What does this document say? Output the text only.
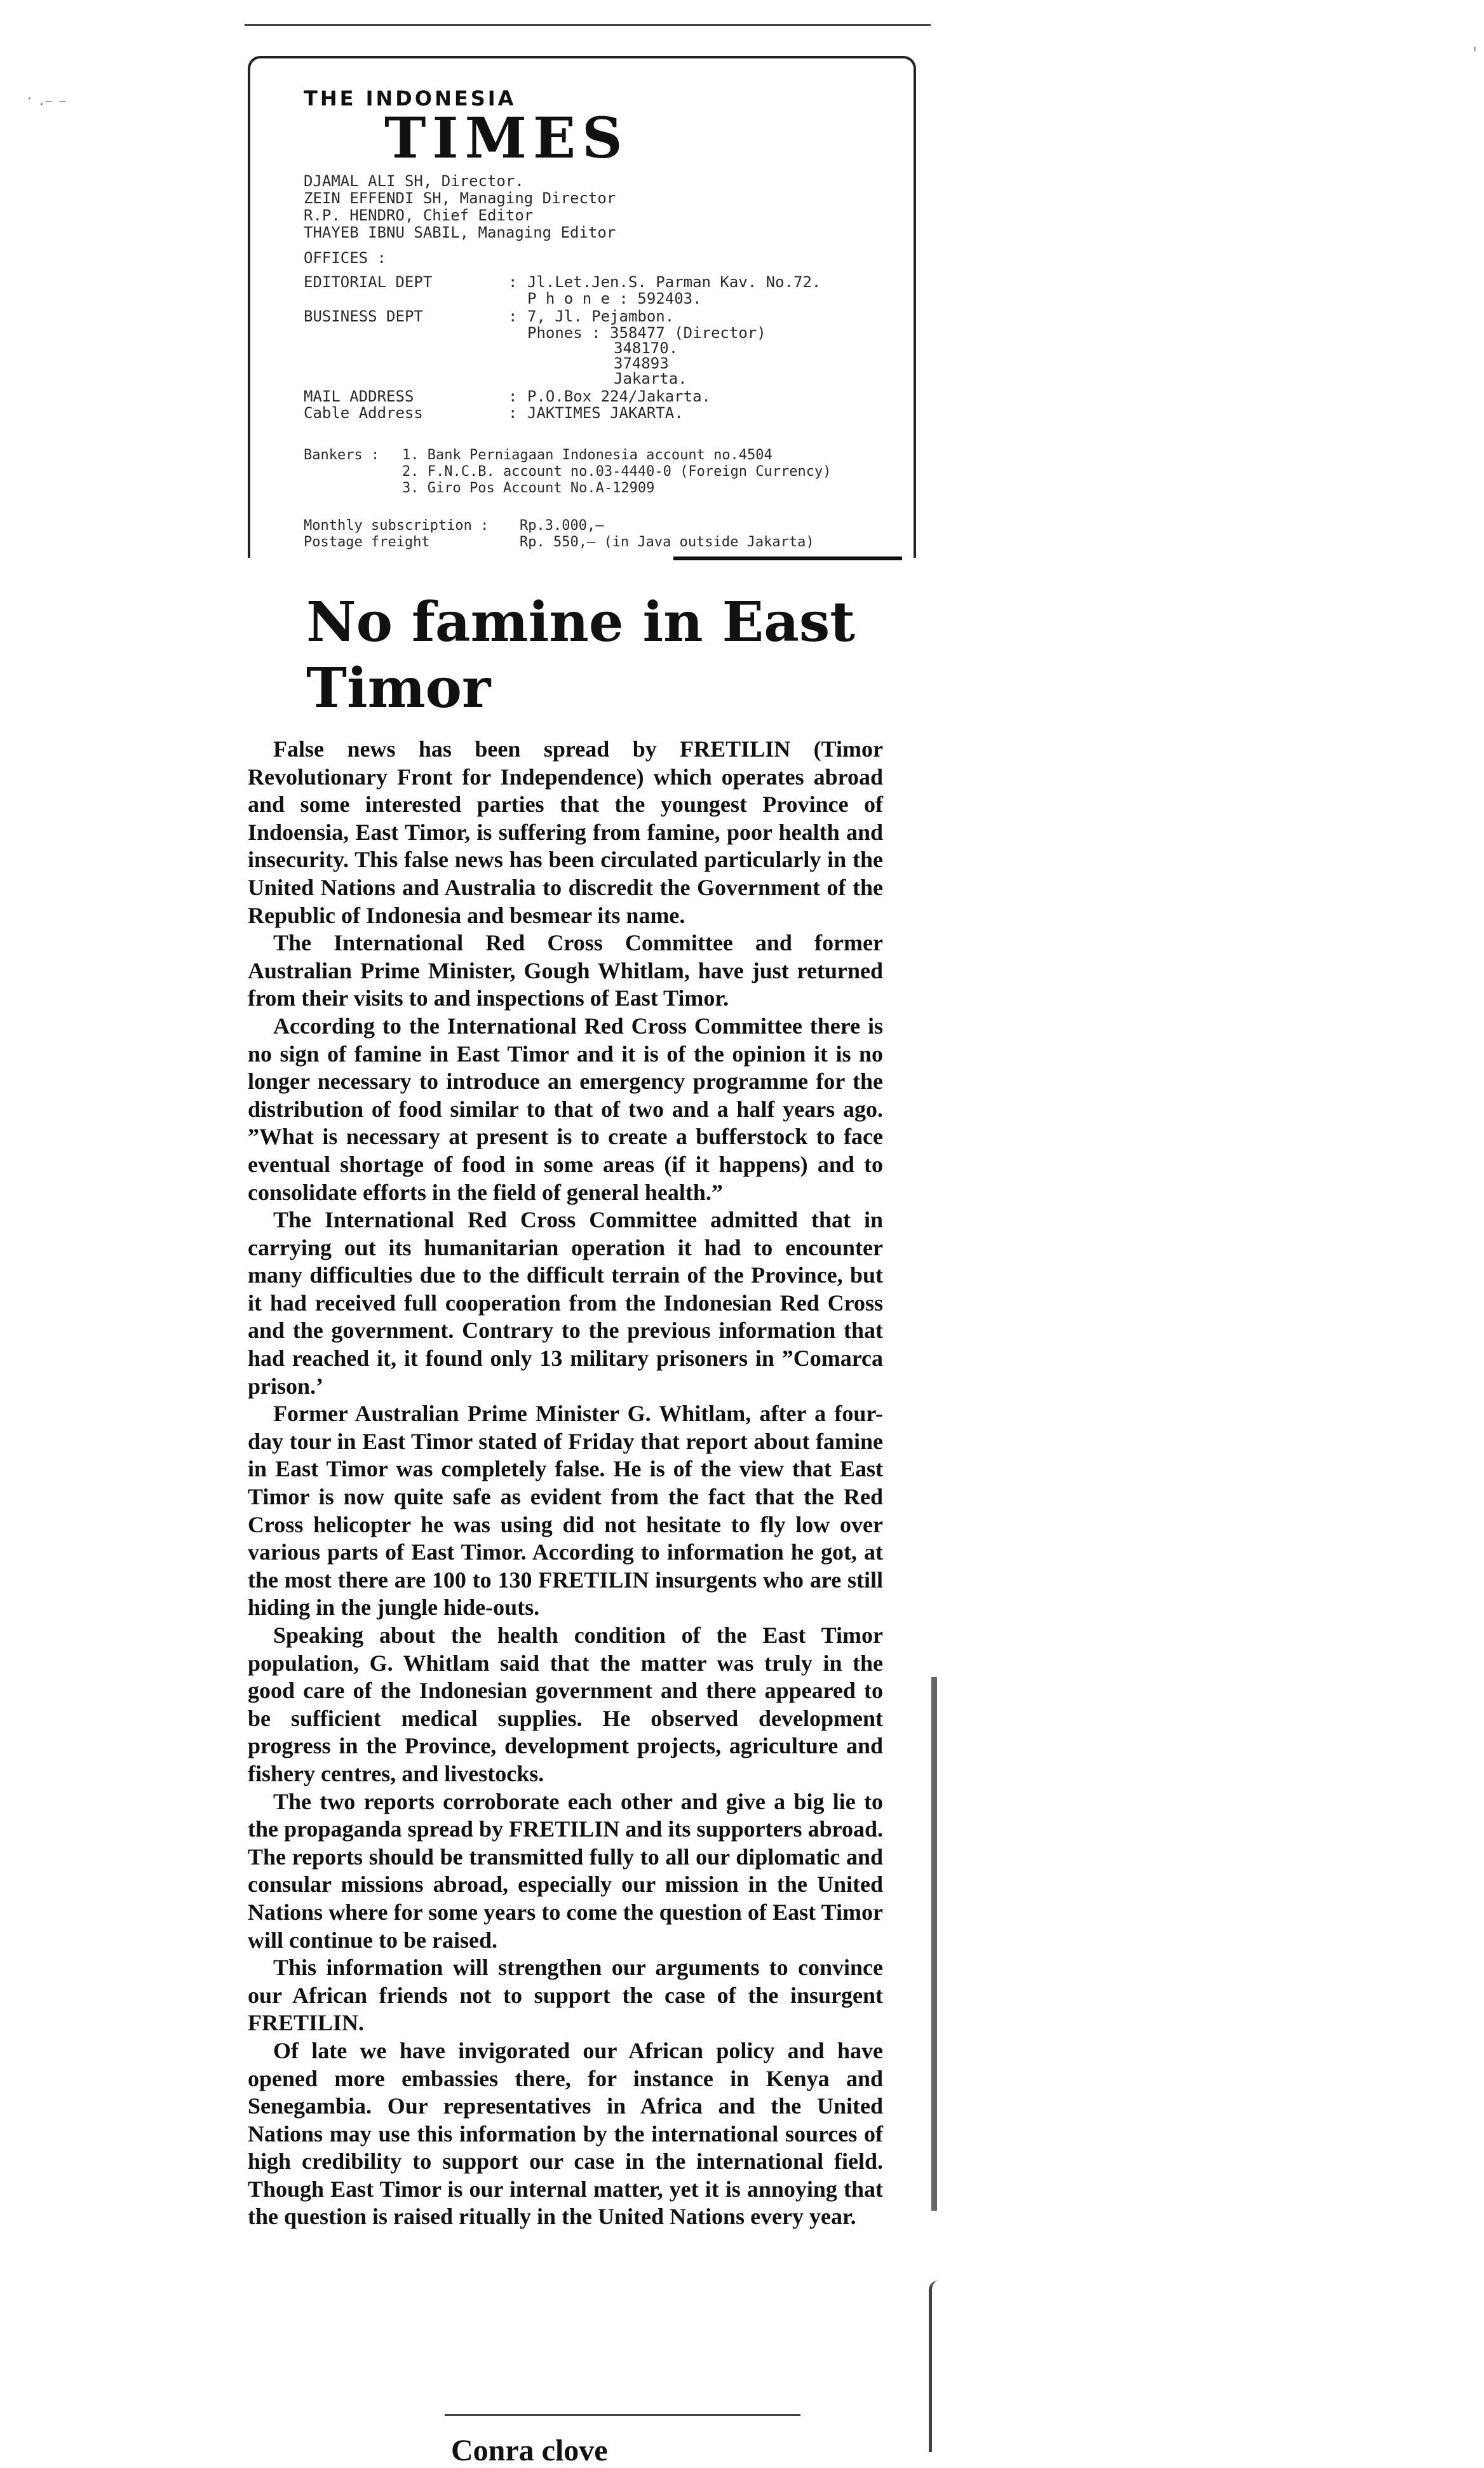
˙ ·⁻ ⁻
ˈ
THE INDONESIA
TIMES
DJAMAL ALI SH, Director.
ZEIN EFFENDI SH, Managing Director
R.P. HENDRO, Chief Editor
THAYEB IBNU SABIL, Managing Editor
OFFICES :
EDITORIAL DEPT	: Jl.Let.Jen.S. Parman Kav. No.72.
P h o n e : 592403.
BUSINESS DEPT	: 7, Jl. Pejambon.
Phones : 358477 (Director)
348170.
374893
Jakarta.
MAIL ADDRESS	: P.O.Box 224/Jakarta.
Cable Address	: JAKTIMES JAKARTA.
Bankers : 1. Bank Perniagaan Indonesia account no.4504
2. F.N.C.B. account no.03-4440-0 (Foreign Currency)
3. Giro Pos Account No.A-12909
Monthly subscription : Rp.3.000,—
Postage freight	Rp. 550,— (in Java outside Jakarta)
No famine in East Timor

False news has been spread by FRETILIN (Timor Revolutionary Front for Independence) which operates abroad and some interested parties that the youngest Province of Indoensia, East Timor, is suffering from famine, poor health and insecurity. This false news has been circulated particularly in the United Nations and Australia to discredit the Government of the Republic of Indonesia and besmear its name.

The International Red Cross Committee and former Australian Prime Minister, Gough Whitlam, have just returned from their visits to and inspections of East Timor.

According to the International Red Cross Committee there is no sign of famine in East Timor and it is of the opinion it is no longer necessary to introduce an emergency programme for the distribution of food similar to that of two and a half years ago. ”What is necessary at present is to create a bufferstock to face eventual shortage of food in some areas (if it happens) and to consolidate efforts in the field of general health.”

The International Red Cross Committee admitted that in carrying out its humanitarian operation it had to encounter many difficulties due to the difficult terrain of the Province, but it had received full cooperation from the Indonesian Red Cross and the government. Contrary to the previous information that had reached it, it found only 13 military prisoners in ”Comarca prison.’

Former Australian Prime Minister G. Whitlam, after a four-day tour in East Timor stated of Friday that report about famine in East Timor was completely false. He is of the view that East Timor is now quite safe as evident from the fact that the Red Cross helicopter he was using did not hesitate to fly low over various parts of East Timor. According to information he got, at the most there are 100 to 130 FRETILIN insurgents who are still hiding in the jungle hide-outs.

Speaking about the health condition of the East Timor population, G. Whitlam said that the matter was truly in the good care of the Indonesian government and there appeared to be sufficient medical supplies. He observed development progress in the Province, development projects, agriculture and fishery centres, and livestocks.

The two reports corroborate each other and give a big lie to the propaganda spread by FRETILIN and its supporters abroad. The reports should be transmitted fully to all our diplomatic and consular missions abroad, especially our mission in the United Nations where for some years to come the question of East Timor will continue to be raised.

This information will strengthen our arguments to convince our African friends not to support the case of the insurgent FRETILIN.

Of late we have invigorated our African policy and have opened more embassies there, for instance in Kenya and Senegambia. Our representatives in Africa and the United Nations may use this information by the international sources of high credibility to support our case in the international field. Though East Timor is our internal matter, yet it is annoying that the question is raised ritually in the United Nations every year.

Conra clove
